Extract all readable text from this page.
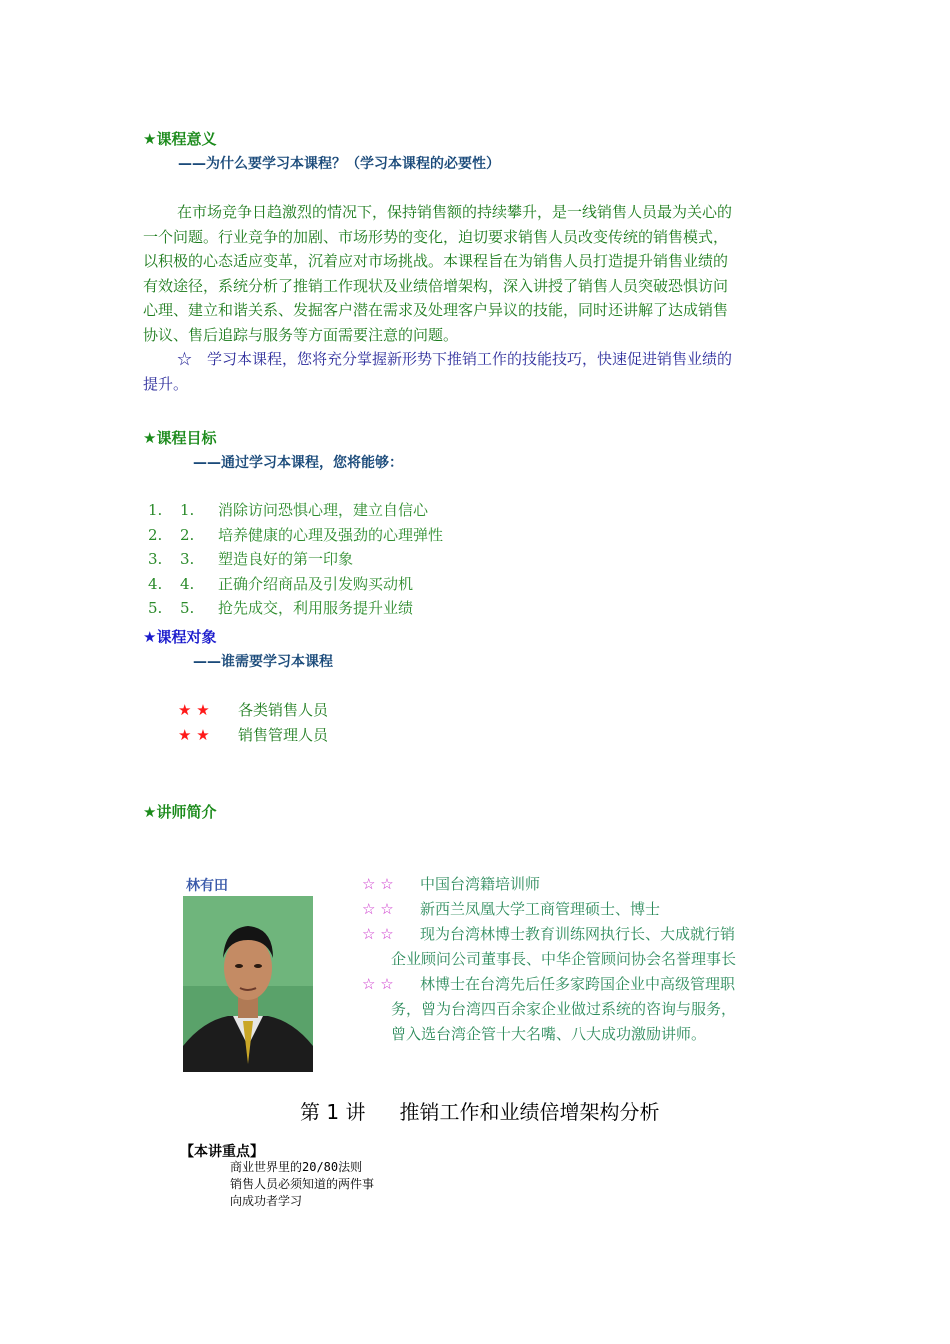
★课程意义
——为什么要学习本课程？（学习本课程的必要性）
在市场竞争日趋激烈的情况下，保持销售额的持续攀升，是一线销售人员最为关心的
一个问题。行业竞争的加剧、市场形势的变化，迫切要求销售人员改变传统的销售模式，
以积极的心态适应变革，沉着应对市场挑战。本课程旨在为销售人员打造提升销售业绩的
有效途径，系统分析了推销工作现状及业绩倍增架构，深入讲授了销售人员突破恐惧访问
心理、建立和谐关系、发掘客户潜在需求及处理客户异议的技能，同时还讲解了达成销售
协议、售后追踪与服务等方面需要注意的问题。
☆　学习本课程，您将充分掌握新形势下推销工作的技能技巧，快速促进销售业绩的
提升。
★课程目标
——通过学习本课程，您将能够：
1. 1. 消除访问恐惧心理，建立自信心
2. 2. 培养健康的心理及强劲的心理弹性
3. 3. 塑造良好的第一印象
4. 4. 正确介绍商品及引发购买动机
5. 5. 抢先成交，利用服务提升业绩
★课程对象
——谁需要学习本课程
★ ★ 各类销售人员
★ ★ 销售管理人员
★讲师简介
林有田	☆ ☆ 中国台湾籍培训师
☆ ☆ 新西兰凤凰大学工商管理硕士、博士
☆ ☆ 现为台湾林博士教育训练网执行长、大成就行销
企业顾问公司董事長、中华企管顾问协会名誉理事长
☆ ☆ 林博士在台湾先后任多家跨国企业中高级管理职
务，曾为台湾四百余家企业做过系统的咨询与服务，
曾入选台湾企管十大名嘴、八大成功激励讲师。
第 1 讲 推销工作和业绩倍增架构分析
【本讲重点】
商业世界里的20/80法则
销售人员必须知道的两件事
向成功者学习
